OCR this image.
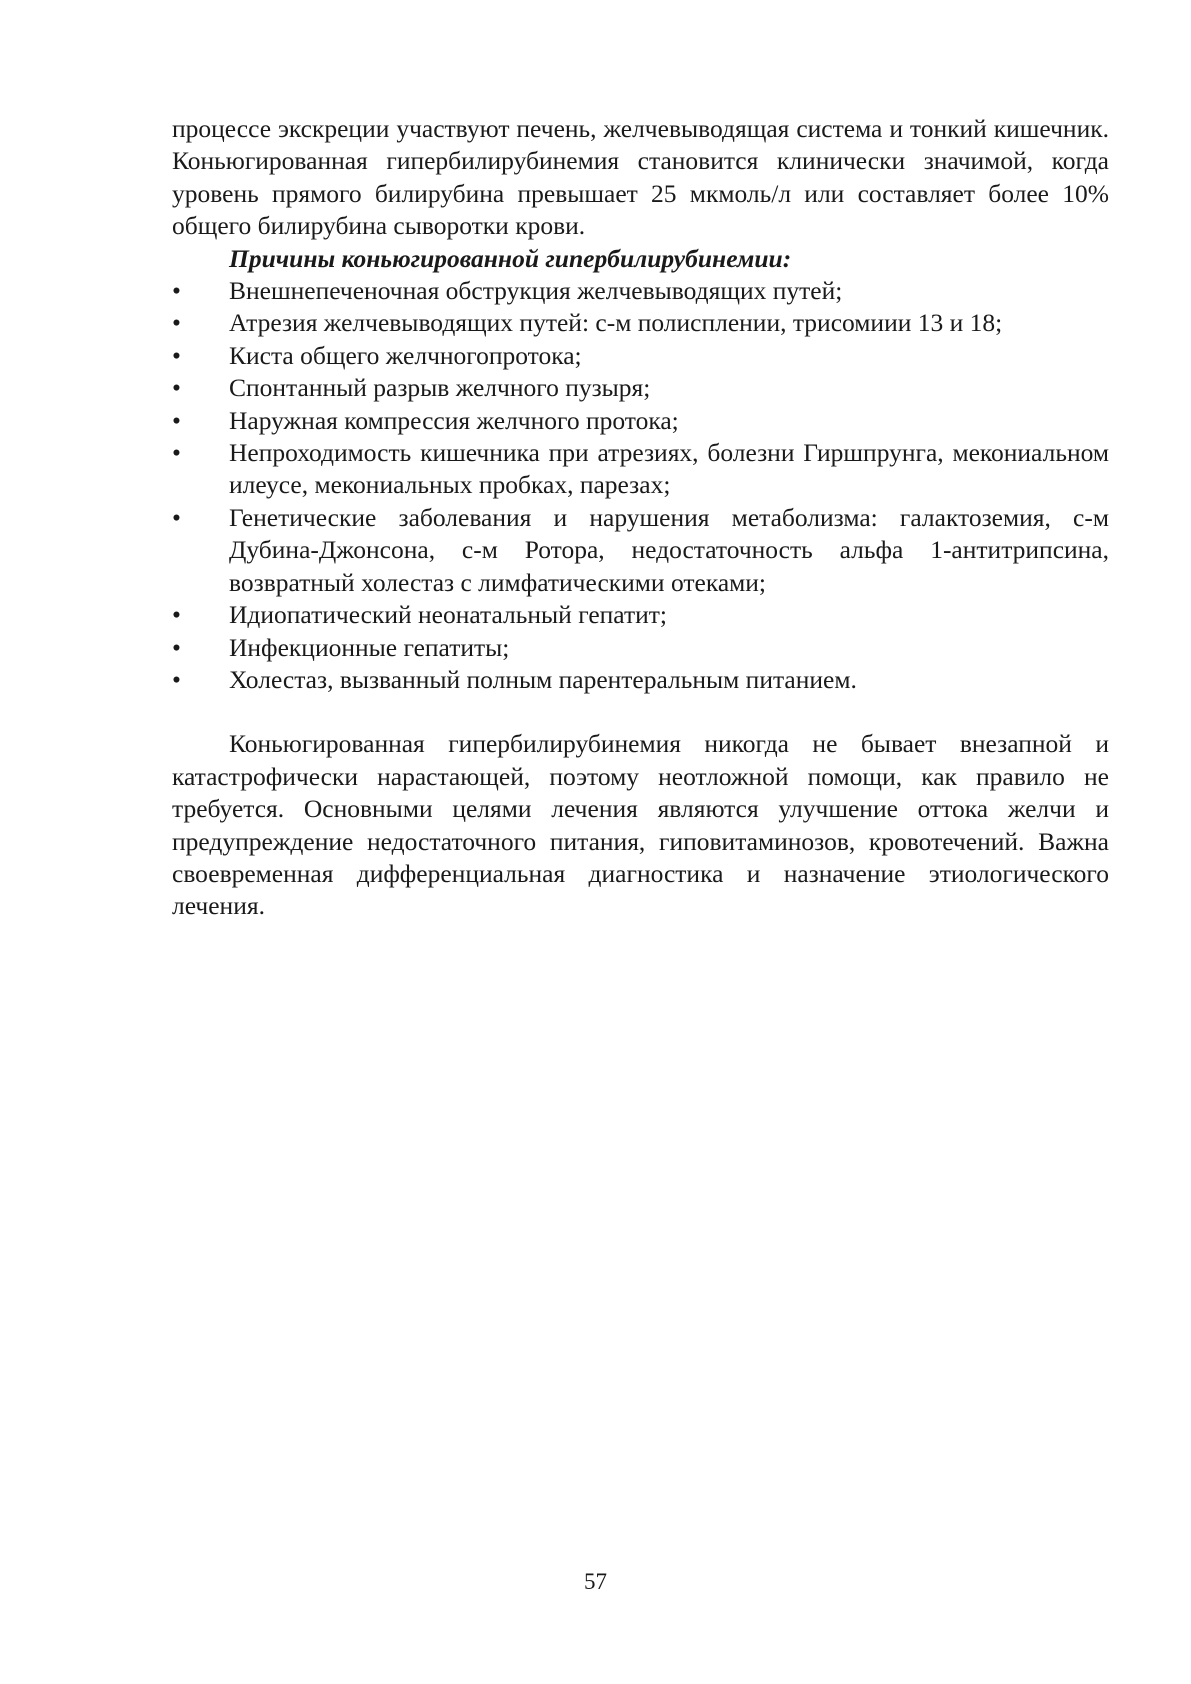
процессе экскреции участвуют печень, желчевыводящая система и тонкий кишечник. Коньюгированная гипербилирубинемия становится клинически значимой, когда уровень прямого билирубина превышает 25 мкмоль/л или составляет более 10% общего билирубина сыворотки крови.

Причины коньюгированной гипербилирубинемии:

•	Внешнепеченочная обструкция желчевыводящих путей;
•	Атрезия желчевыводящих путей: с-м полисплении, трисомиии 13 и 18;
•	Киста общего желчногопротока;
•	Спонтанный разрыв желчного пузыря;
•	Наружная компрессия желчного протока;
•	Непроходимость кишечника при атрезиях, болезни Гиршпрунга, мекониальном илеусе, мекониальных пробках, парезах;
•	Генетические заболевания и нарушения метаболизма: галактоземия, с-м Дубина-Джонсона, с-м Ротора, недостаточность альфа 1-антитрипсина, возвратный холестаз с лимфатическими отеками;
•	Идиопатический неонатальный гепатит;
•	Инфекционные гепатиты;
•	Холестаз, вызванный полным парентеральным питанием.

Коньюгированная гипербилирубинемия никогда не бывает внезапной и катастрофически нарастающей, поэтому неотложной помощи, как правило не требуется. Основными целями лечения являются улучшение оттока желчи и предупреждение недостаточного питания, гиповитаминозов, кровотечений. Важна своевременная дифференциальная диагностика и назначение этиологического лечения.

57
